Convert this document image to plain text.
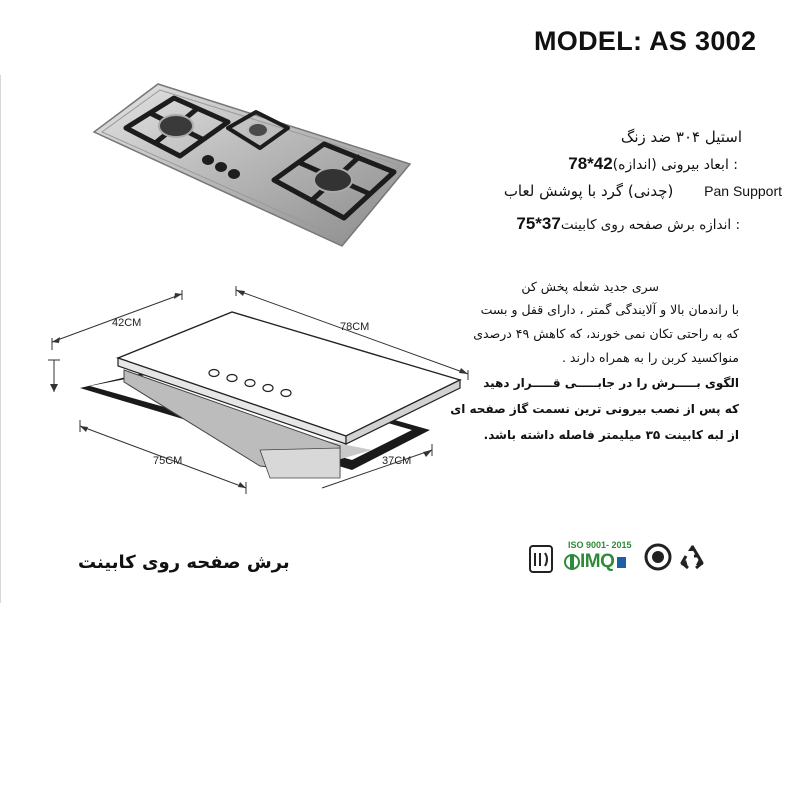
MODEL: AS 3002
استیل ۳۰۴ ضد زنگ
: ابعاد بیرونی (اندازه)78*42
Pan Support (چدنی) گرد با پوشش لعاب
: اندازه برش صفحه روی کابینت75*37
سری جدید شعله پخش کن
با راندمان بالا و آلایندگی گمتر ، دارای قفل و بست
که به راحتی تکان نمی خورند، که کاهش ۴۹ درصدی
منواکسید کربن را به همراه دارند .
الگوی بـــــرش را در جابـــــی قـــــرار دهید
که پس از نصب بیرونی ترین نسمت گاز صفحه ای
از لبه کابینت ۳۵ میلیمتر فاصله داشته باشد.
42CM	78CM
75CM	37CM
برش صفحه روی کابینت
ISO 9001- 2015
IMQ
